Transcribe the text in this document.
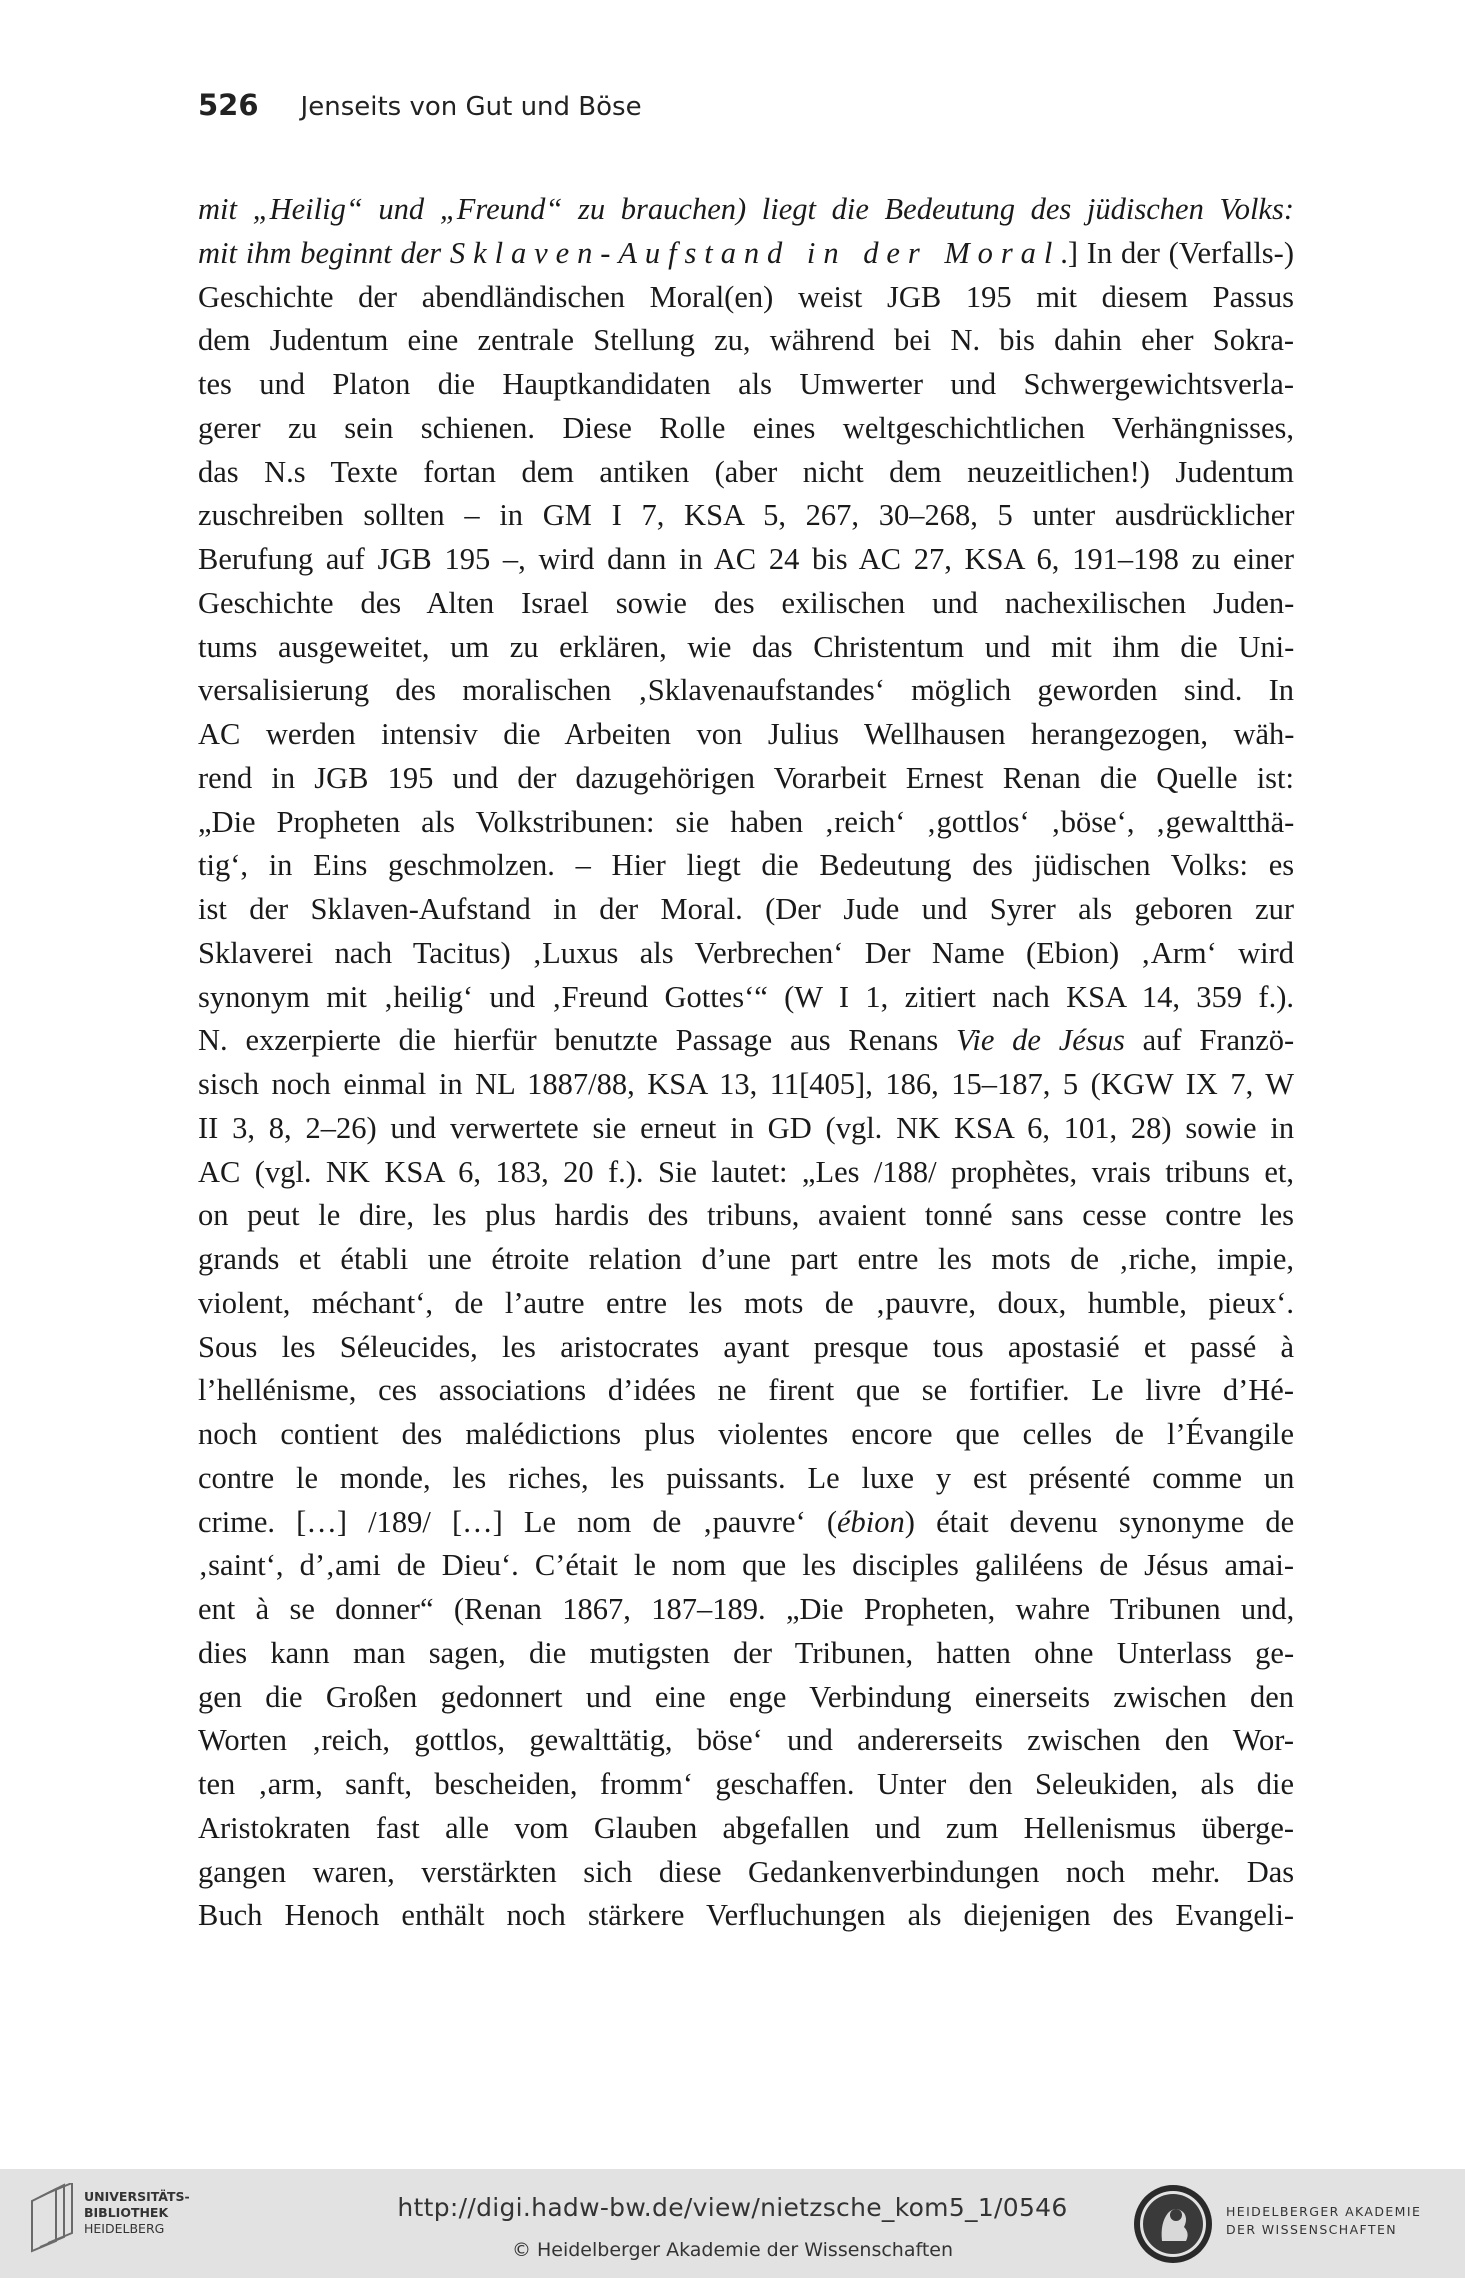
526 Jenseits von Gut und Böse
mit „Heilig“ und „Freund“ zu brauchen) liegt die Bedeutung des jüdischen Volks:
mit ihm beginnt der Sklaven-Aufstand in der Moral.] In der (Verfalls-)
Geschichte der abendländischen Moral(en) weist JGB 195 mit diesem Passus
dem Judentum eine zentrale Stellung zu, während bei N. bis dahin eher Sokra-
tes und Platon die Hauptkandidaten als Umwerter und Schwergewichtsverla-
gerer zu sein schienen. Diese Rolle eines weltgeschichtlichen Verhängnisses,
das N.s Texte fortan dem antiken (aber nicht dem neuzeitlichen!) Judentum
zuschreiben sollten – in GM I 7, KSA 5, 267, 30–268, 5 unter ausdrücklicher
Berufung auf JGB 195 –, wird dann in AC 24 bis AC 27, KSA 6, 191–198 zu einer
Geschichte des Alten Israel sowie des exilischen und nachexilischen Juden-
tums ausgeweitet, um zu erklären, wie das Christentum und mit ihm die Uni-
versalisierung des moralischen ‚Sklavenaufstandes‘ möglich geworden sind. In
AC werden intensiv die Arbeiten von Julius Wellhausen herangezogen, wäh-
rend in JGB 195 und der dazugehörigen Vorarbeit Ernest Renan die Quelle ist:
„Die Propheten als Volkstribunen: sie haben ‚reich‘ ‚gottlos‘ ‚böse‘, ‚gewaltthä-
tig‘, in Eins geschmolzen. – Hier liegt die Bedeutung des jüdischen Volks: es
ist der Sklaven-Aufstand in der Moral. (Der Jude und Syrer als geboren zur
Sklaverei nach Tacitus) ‚Luxus als Verbrechen‘ Der Name (Ebion) ‚Arm‘ wird
synonym mit ‚heilig‘ und ‚Freund Gottes‘“ (W I 1, zitiert nach KSA 14, 359 f.).
N. exzerpierte die hierfür benutzte Passage aus Renans Vie de Jésus auf Franzö-
sisch noch einmal in NL 1887/88, KSA 13, 11[405], 186, 15–187, 5 (KGW IX 7, W
II 3, 8, 2–26) und verwertete sie erneut in GD (vgl. NK KSA 6, 101, 28) sowie in
AC (vgl. NK KSA 6, 183, 20 f.). Sie lautet: „Les /188/ prophètes, vrais tribuns et,
on peut le dire, les plus hardis des tribuns, avaient tonné sans cesse contre les
grands et établi une étroite relation d’une part entre les mots de ‚riche, impie,
violent, méchant‘, de l’autre entre les mots de ‚pauvre, doux, humble, pieux‘.
Sous les Séleucides, les aristocrates ayant presque tous apostasié et passé à
l’hellénisme, ces associations d’idées ne firent que se fortifier. Le livre d’Hé-
noch contient des malédictions plus violentes encore que celles de l’Évangile
contre le monde, les riches, les puissants. Le luxe y est présenté comme un
crime. […] /189/ […] Le nom de ‚pauvre‘ (ébion) était devenu synonyme de
‚saint‘, d’‚ami de Dieu‘. C’était le nom que les disciples galiléens de Jésus amai-
ent à se donner“ (Renan 1867, 187–189. „Die Propheten, wahre Tribunen und,
dies kann man sagen, die mutigsten der Tribunen, hatten ohne Unterlass ge-
gen die Großen gedonnert und eine enge Verbindung einerseits zwischen den
Worten ‚reich, gottlos, gewalttätig, böse‘ und andererseits zwischen den Wor-
ten ‚arm, sanft, bescheiden, fromm‘ geschaffen. Unter den Seleukiden, als die
Aristokraten fast alle vom Glauben abgefallen und zum Hellenismus überge-
gangen waren, verstärkten sich diese Gedankenverbindungen noch mehr. Das
Buch Henoch enthält noch stärkere Verfluchungen als diejenigen des Evangeli-
UNIVERSITÄTS-
BIBLIOTHEK
HEIDELBERG
http://digi.hadw-bw.de/view/nietzsche_kom5_1/0546
© Heidelberger Akademie der Wissenschaften
HEIDELBERGER AKADEMIE
DER WISSENSCHAFTEN
